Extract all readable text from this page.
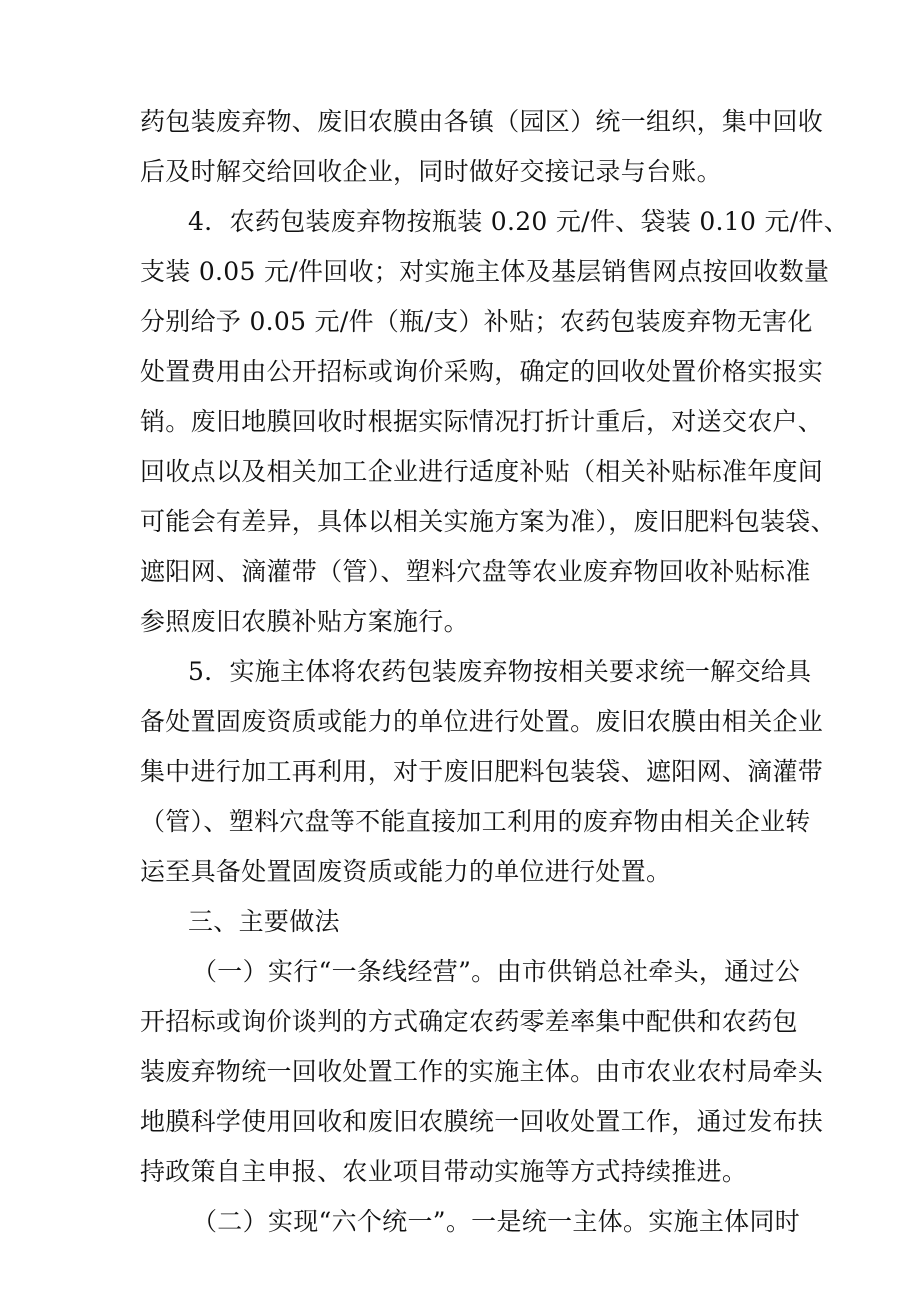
药包装废弃物、废旧农膜由各镇（园区）统一组织，集中回收
后及时解交给回收企业，同时做好交接记录与台账。
4．农药包装废弃物按瓶装 0.20 元/件、袋装 0.10 元/件、
支装 0.05 元/件回收；对实施主体及基层销售网点按回收数量
分别给予 0.05 元/件（瓶/支）补贴；农药包装废弃物无害化
处置费用由公开招标或询价采购，确定的回收处置价格实报实
销。废旧地膜回收时根据实际情况打折计重后，对送交农户、
回收点以及相关加工企业进行适度补贴（相关补贴标准年度间
可能会有差异，具体以相关实施方案为准），废旧肥料包装袋、
遮阳网、滴灌带（管）、塑料穴盘等农业废弃物回收补贴标准
参照废旧农膜补贴方案施行。
5．实施主体将农药包装废弃物按相关要求统一解交给具
备处置固废资质或能力的单位进行处置。废旧农膜由相关企业
集中进行加工再利用，对于废旧肥料包装袋、遮阳网、滴灌带
（管）、塑料穴盘等不能直接加工利用的废弃物由相关企业转
运至具备处置固废资质或能力的单位进行处置。
三、主要做法
（一）实行“一条线经营”。由市供销总社牵头，通过公
开招标或询价谈判的方式确定农药零差率集中配供和农药包
装废弃物统一回收处置工作的实施主体。由市农业农村局牵头
地膜科学使用回收和废旧农膜统一回收处置工作，通过发布扶
持政策自主申报、农业项目带动实施等方式持续推进。
（二）实现“六个统一”。一是统一主体。实施主体同时
